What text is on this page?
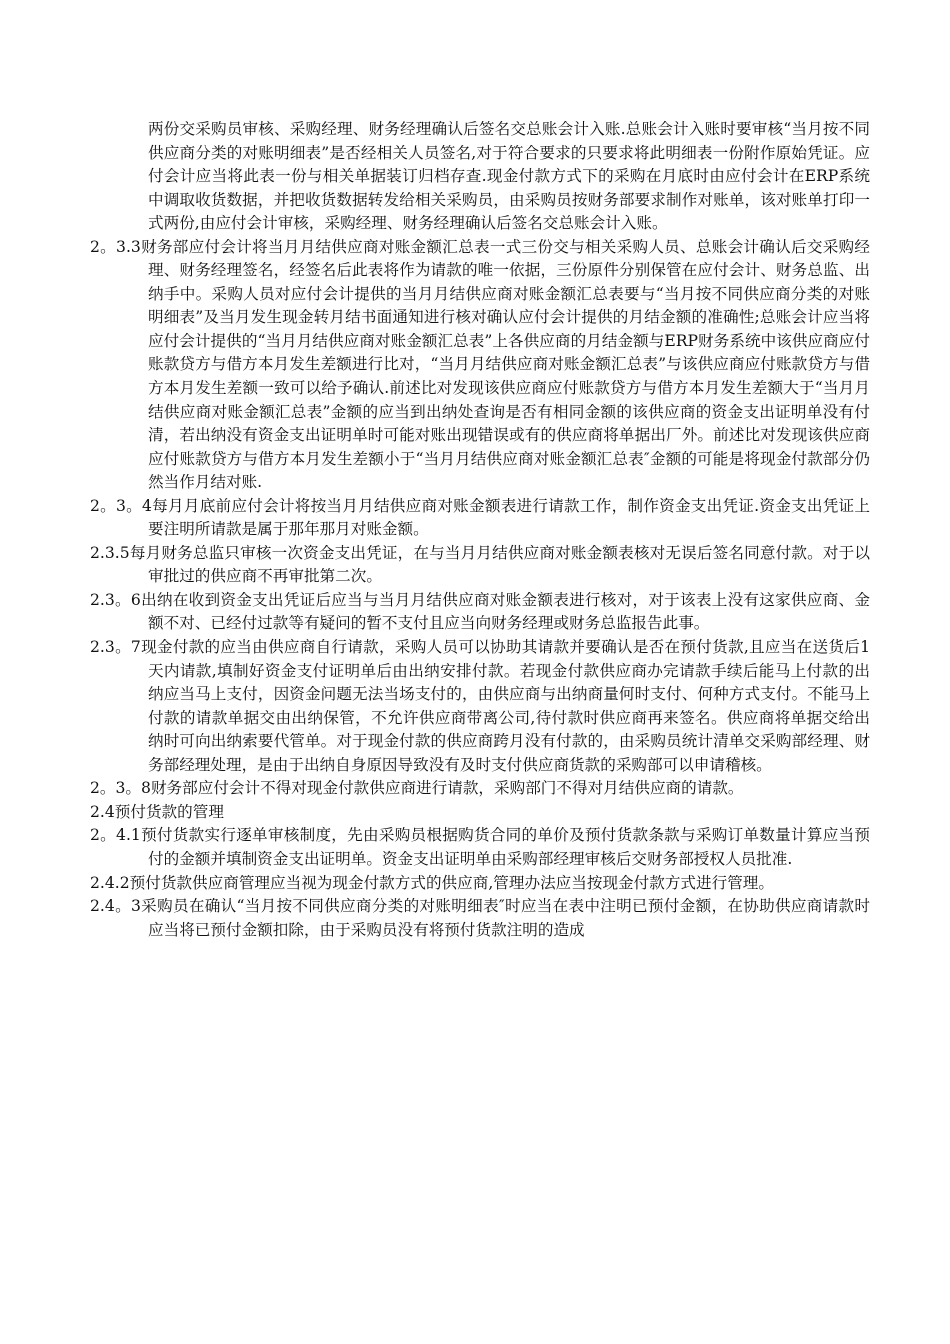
两份交采购员审核、采购经理、财务经理确认后签名交总账会计入账.总账会计入账时要审核“当月按不同供应商分类的对账明细表”是否经相关人员签名,对于符合要求的只要求将此明细表一份附作原始凭证。应付会计应当将此表一份与相关单据装订归档存查.现金付款方式下的采购在月底时由应付会计在ERP系统中调取收货数据，并把收货数据转发给相关采购员，由采购员按财务部要求制作对账单，该对账单打印一式两份,由应付会计审核，采购经理、财务经理确认后签名交总账会计入账。

2。3.3财务部应付会计将当月月结供应商对账金额汇总表一式三份交与相关采购人员、总账会计确认后交采购经理、财务经理签名，经签名后此表将作为请款的唯一依据，三份原件分别保管在应付会计、财务总监、出纳手中。采购人员对应付会计提供的当月月结供应商对账金额汇总表要与“当月按不同供应商分类的对账明细表”及当月发生现金转月结书面通知进行核对确认应付会计提供的月结金额的准确性;总账会计应当将应付会计提供的“当月月结供应商对账金额汇总表”上各供应商的月结金额与ERP财务系统中该供应商应付账款贷方与借方本月发生差额进行比对，“当月月结供应商对账金额汇总表”与该供应商应付账款贷方与借方本月发生差额一致可以给予确认.前述比对发现该供应商应付账款贷方与借方本月发生差额大于“当月月结供应商对账金额汇总表”金额的应当到出纳处查询是否有相同金额的该供应商的资金支出证明单没有付清，若出纳没有资金支出证明单时可能对账出现错误或有的供应商将单据出厂外。前述比对发现该供应商应付账款贷方与借方本月发生差额小于“当月月结供应商对账金额汇总表″金额的可能是将现金付款部分仍然当作月结对账.

2。3。4每月月底前应付会计将按当月月结供应商对账金额表进行请款工作，制作资金支出凭证.资金支出凭证上要注明所请款是属于那年那月对账金额。

2.3.5每月财务总监只审核一次资金支出凭证，在与当月月结供应商对账金额表核对无误后签名同意付款。对于以审批过的供应商不再审批第二次。

2.3。6出纳在收到资金支出凭证后应当与当月月结供应商对账金额表进行核对，对于该表上没有这家供应商、金额不对、已经付过款等有疑问的暂不支付且应当向财务经理或财务总监报告此事。

2.3。7现金付款的应当由供应商自行请款，采购人员可以协助其请款并要确认是否在预付货款,且应当在送货后1天内请款,填制好资金支付证明单后由出纳安排付款。若现金付款供应商办完请款手续后能马上付款的出纳应当马上支付，因资金问题无法当场支付的，由供应商与出纳商量何时支付、何种方式支付。不能马上付款的请款单据交由出纳保管，不允许供应商带离公司,待付款时供应商再来签名。供应商将单据交给出纳时可向出纳索要代管单。对于现金付款的供应商跨月没有付款的，由采购员统计清单交采购部经理、财务部经理处理，是由于出纳自身原因导致没有及时支付供应商货款的采购部可以申请稽核。

2。3。8财务部应付会计不得对现金付款供应商进行请款，采购部门不得对月结供应商的请款。

2.4预付货款的管理

2。4.1预付货款实行逐单审核制度，先由采购员根据购货合同的单价及预付货款条款与采购订单数量计算应当预付的金额并填制资金支出证明单。资金支出证明单由采购部经理审核后交财务部授权人员批准.

2.4.2预付货款供应商管理应当视为现金付款方式的供应商,管理办法应当按现金付款方式进行管理。

2.4。3采购员在确认“当月按不同供应商分类的对账明细表″时应当在表中注明已预付金额，在协助供应商请款时应当将已预付金额扣除，由于采购员没有将预付货款注明的造成
